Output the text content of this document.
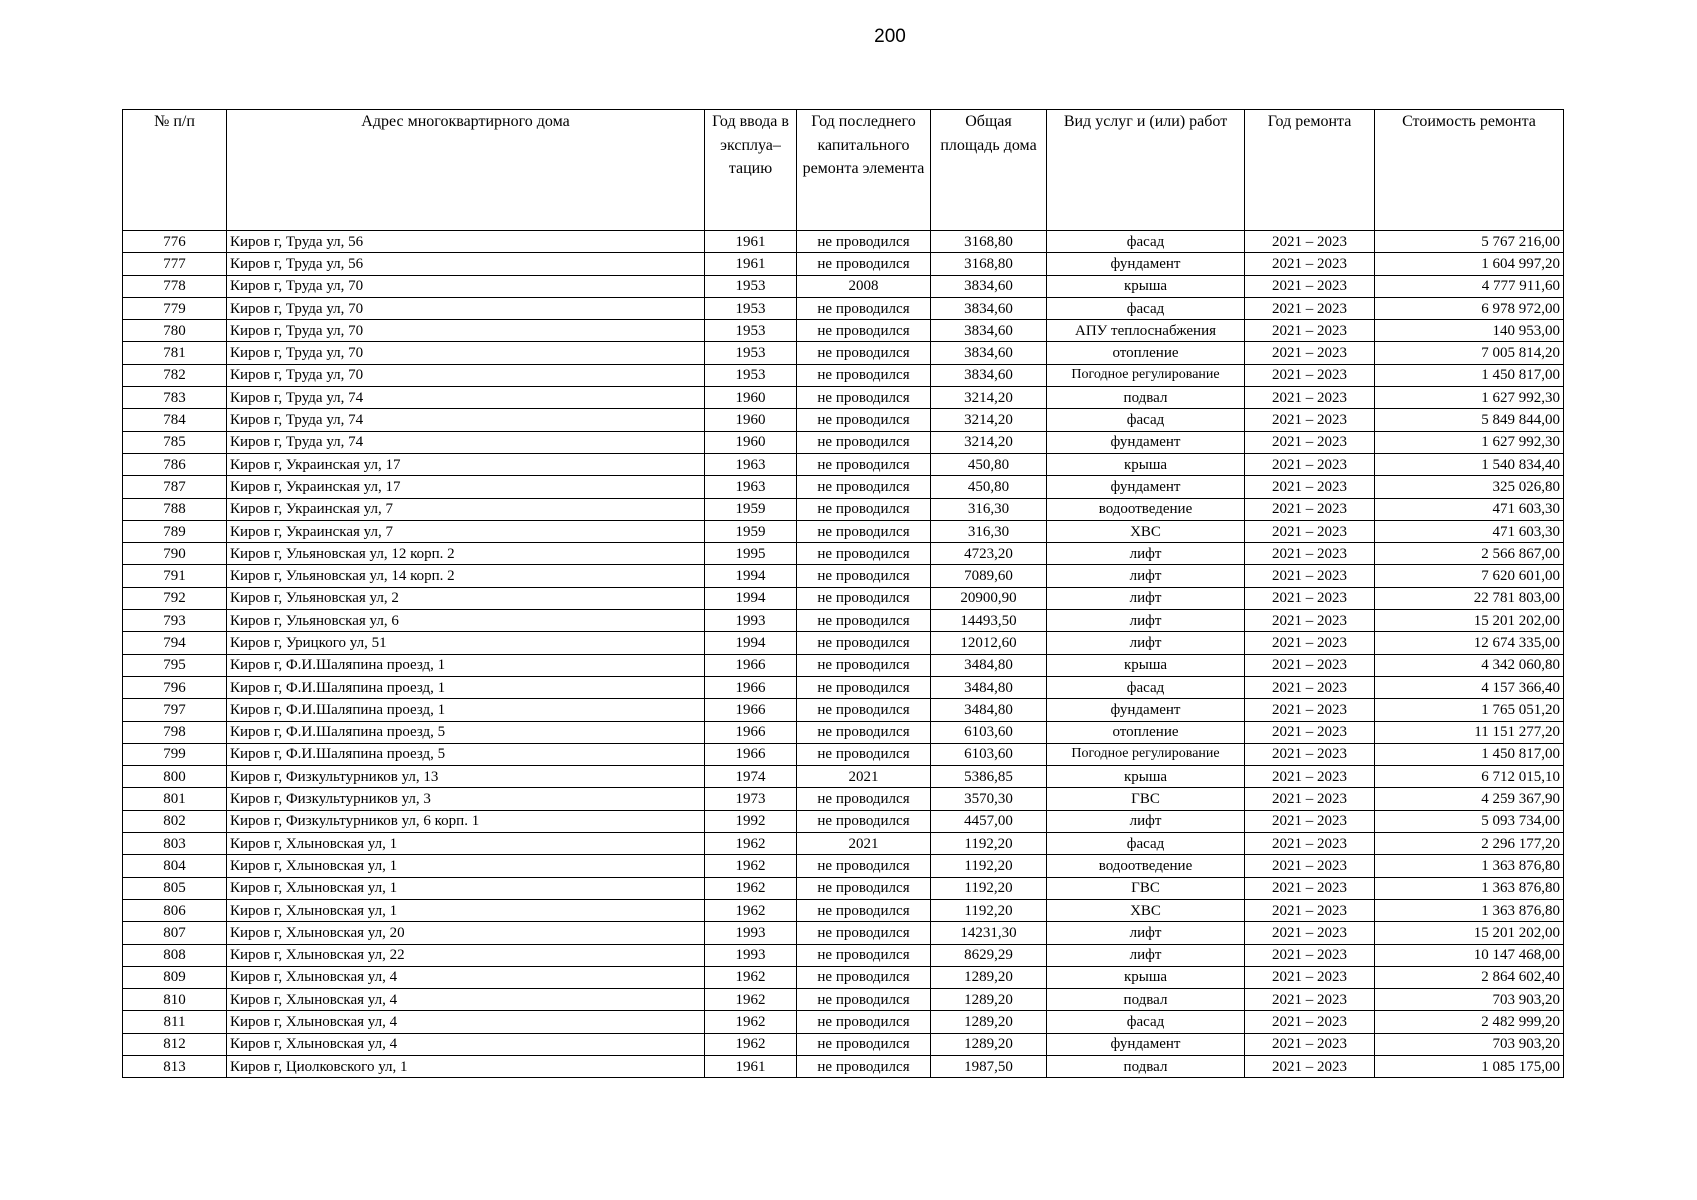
200
№ п/п	Адрес многоквартирного дома	Год ввода в эксплуа–тацию	Год последнего капитального ремонта элемента	Общая площадь дома	Вид услуг и (или) работ	Год ремонта	Стоимость ремонта
776	Киров г, Труда ул, 56	1961	не проводился	3168,80	фасад	2021 – 2023	5 767 216,00
777	Киров г, Труда ул, 56	1961	не проводился	3168,80	фундамент	2021 – 2023	1 604 997,20
778	Киров г, Труда ул, 70	1953	2008	3834,60	крыша	2021 – 2023	4 777 911,60
779	Киров г, Труда ул, 70	1953	не проводился	3834,60	фасад	2021 – 2023	6 978 972,00
780	Киров г, Труда ул, 70	1953	не проводился	3834,60	АПУ теплоснабжения	2021 – 2023	140 953,00
781	Киров г, Труда ул, 70	1953	не проводился	3834,60	отопление	2021 – 2023	7 005 814,20
782	Киров г, Труда ул, 70	1953	не проводился	3834,60	Погодное регулирование	2021 – 2023	1 450 817,00
783	Киров г, Труда ул, 74	1960	не проводился	3214,20	подвал	2021 – 2023	1 627 992,30
784	Киров г, Труда ул, 74	1960	не проводился	3214,20	фасад	2021 – 2023	5 849 844,00
785	Киров г, Труда ул, 74	1960	не проводился	3214,20	фундамент	2021 – 2023	1 627 992,30
786	Киров г, Украинская ул, 17	1963	не проводился	450,80	крыша	2021 – 2023	1 540 834,40
787	Киров г, Украинская ул, 17	1963	не проводился	450,80	фундамент	2021 – 2023	325 026,80
788	Киров г, Украинская ул, 7	1959	не проводился	316,30	водоотведение	2021 – 2023	471 603,30
789	Киров г, Украинская ул, 7	1959	не проводился	316,30	ХВС	2021 – 2023	471 603,30
790	Киров г, Ульяновская ул, 12 корп. 2	1995	не проводился	4723,20	лифт	2021 – 2023	2 566 867,00
791	Киров г, Ульяновская ул, 14 корп. 2	1994	не проводился	7089,60	лифт	2021 – 2023	7 620 601,00
792	Киров г, Ульяновская ул, 2	1994	не проводился	20900,90	лифт	2021 – 2023	22 781 803,00
793	Киров г, Ульяновская ул, 6	1993	не проводился	14493,50	лифт	2021 – 2023	15 201 202,00
794	Киров г, Урицкого ул, 51	1994	не проводился	12012,60	лифт	2021 – 2023	12 674 335,00
795	Киров г, Ф.И.Шаляпина проезд, 1	1966	не проводился	3484,80	крыша	2021 – 2023	4 342 060,80
796	Киров г, Ф.И.Шаляпина проезд, 1	1966	не проводился	3484,80	фасад	2021 – 2023	4 157 366,40
797	Киров г, Ф.И.Шаляпина проезд, 1	1966	не проводился	3484,80	фундамент	2021 – 2023	1 765 051,20
798	Киров г, Ф.И.Шаляпина проезд, 5	1966	не проводился	6103,60	отопление	2021 – 2023	11 151 277,20
799	Киров г, Ф.И.Шаляпина проезд, 5	1966	не проводился	6103,60	Погодное регулирование	2021 – 2023	1 450 817,00
800	Киров г, Физкультурников ул, 13	1974	2021	5386,85	крыша	2021 – 2023	6 712 015,10
801	Киров г, Физкультурников ул, 3	1973	не проводился	3570,30	ГВС	2021 – 2023	4 259 367,90
802	Киров г, Физкультурников ул, 6 корп. 1	1992	не проводился	4457,00	лифт	2021 – 2023	5 093 734,00
803	Киров г, Хлыновская ул, 1	1962	2021	1192,20	фасад	2021 – 2023	2 296 177,20
804	Киров г, Хлыновская ул, 1	1962	не проводился	1192,20	водоотведение	2021 – 2023	1 363 876,80
805	Киров г, Хлыновская ул, 1	1962	не проводился	1192,20	ГВС	2021 – 2023	1 363 876,80
806	Киров г, Хлыновская ул, 1	1962	не проводился	1192,20	ХВС	2021 – 2023	1 363 876,80
807	Киров г, Хлыновская ул, 20	1993	не проводился	14231,30	лифт	2021 – 2023	15 201 202,00
808	Киров г, Хлыновская ул, 22	1993	не проводился	8629,29	лифт	2021 – 2023	10 147 468,00
809	Киров г, Хлыновская ул, 4	1962	не проводился	1289,20	крыша	2021 – 2023	2 864 602,40
810	Киров г, Хлыновская ул, 4	1962	не проводился	1289,20	подвал	2021 – 2023	703 903,20
811	Киров г, Хлыновская ул, 4	1962	не проводился	1289,20	фасад	2021 – 2023	2 482 999,20
812	Киров г, Хлыновская ул, 4	1962	не проводился	1289,20	фундамент	2021 – 2023	703 903,20
813	Киров г, Циолковского ул, 1	1961	не проводился	1987,50	подвал	2021 – 2023	1 085 175,00
